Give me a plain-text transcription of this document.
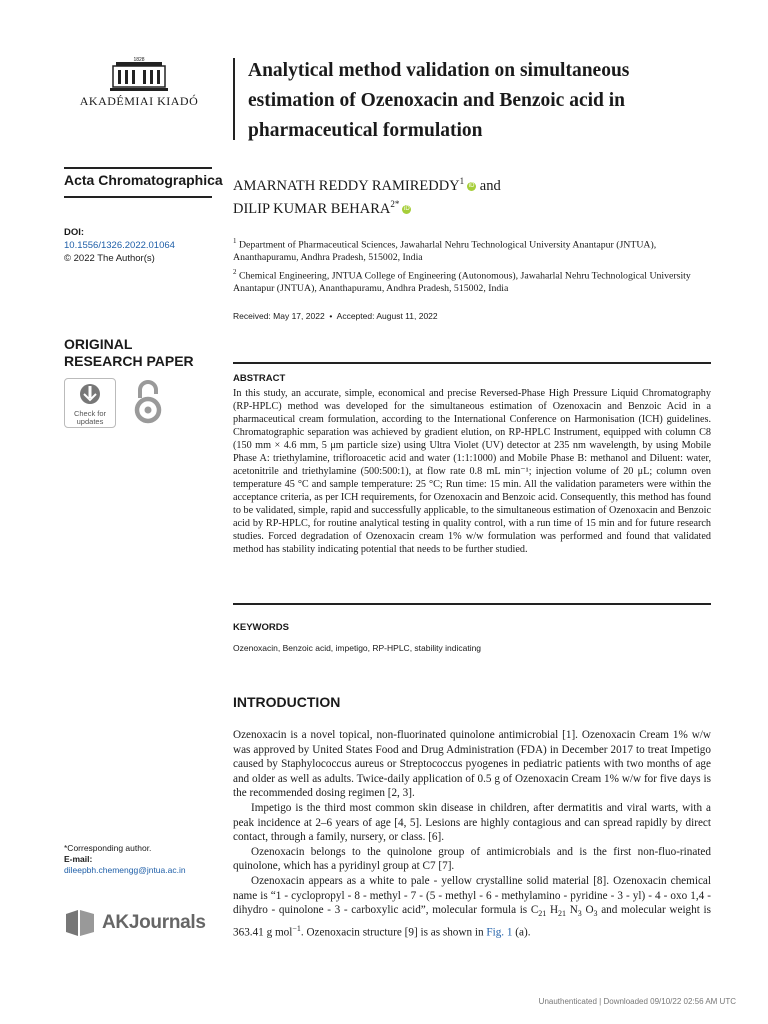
1828
AKADÉMIAI KIADÓ
Acta Chromatographica
DOI:
10.1556/1326.2022.01064
© 2022 The Author(s)
ORIGINAL RESEARCH PAPER
Check for
updates

*Corresponding author.
E-mail: dileepbh.chemengg@jntua.ac.in
AKJournals
Analytical method validation on simultaneous estimation of Ozenoxacin and Benzoic acid in pharmaceutical formulation
AMARNATH REDDY RAMIREDDY$^1$ iD and
DILIP KUMAR $BEHARA^{2*}$ iD
$^1$ Department of Pharmaceutical Sciences, Jawaharlal Nehru Technological University Anantapur (JNTUA), Ananthapuramu, Andhra Pradesh, 515002, India
$^2$ Chemical Engineering, JNTUA College of Engineering (Autonomous), Jawaharlal Nehru Technological University Anantapur (JNTUA), Ananthapuramu, Andhra Pradesh, 515002, India
Received: May 17, 2022 • Accepted: August 11, 2022
ABSTRACT
In this study, an accurate, simple, economical and precise Reversed-Phase High Pressure Liquid Chromatography (RP-HPLC) method was developed for the simultaneous estimation of Ozenoxacin and Benzoic Acid in a pharmaceutical cream formulation, according to the International Conference on Harmonisation (ICH) guidelines. Chromatographic separation was achieved by gradient elution, on RP-HPLC Instrument, equipped with column C8 (150 mm × 4.6 mm, 5 μm particle size) using Ultra Violet (UV) detector at 235 nm wavelength, by using Mobile Phase A: triethylamine, trifloroacetic acid and water (1:1:1000) and Mobile Phase B: methanol and Diluent: water, acetonitrile and triethylamine (500:500:1), at flow rate 0.8 mL min⁻¹; injection volume of 20 μL; column oven temperature 45 °C and sample temperature: 25 °C; Run time: 15 min. All the validation parameters were within the acceptance criteria, as per ICH requirements, for Ozenoxacin and Benzoic acid. Consequently, this method has found to be validated, simple, rapid and successfully applicable, to the simultaneous estimation of Ozenoxacin and Benzoic acid by RP-HPLC, for routine analytical testing in quality control, with a run time of 15 min and for future research studies. Forced degradation of Ozenoxacin cream 1% w/w formulation was performed and found that validated method has stability indicating potential that needs to be further studied.
KEYWORDS
Ozenoxacin, Benzoic acid, impetigo, RP-HPLC, stability indicating
INTRODUCTION

Ozenoxacin is a novel topical, non-fluorinated quinolone antimicrobial [1]. Ozenoxacin Cream 1% w/w was approved by United States Food and Drug Administration (FDA) in December 2017 to treat Impetigo caused by Staphylococcus aureus or Streptococcus pyogenes in pediatric patients with two months of age and older as well as adults. Twice-daily application of 0.5 g of Ozenoxacin Cream 1% w/w for five days is the recommended dosing regimen [2, 3].

Impetigo is the third most common skin disease in children, after dermatitis and viral warts, with a peak incidence at 2–6 years of age [4, 5]. Lesions are highly contagious and can spread rapidly by direct contact, through a family, nursery, or class. [6].

Ozenoxacin belongs to the quinolone group of antimicrobials and is the first non-fluo-rinated quinolone, which has a pyridinyl group at C7 [7].

Ozenoxacin appears as a white to pale - yellow crystalline solid material [8]. Ozenoxacin chemical name is “1 - cyclopropyl - 8 - methyl - 7 - (5 - methyl - 6 - methylamino - pyridine - 3 - yl) - 4 - oxo 1,4 - dihydro - quinolone - 3 - carboxylic acid”, molecular formula is $C_{21}$ $H_{21}$ $N_3$ $O_3$ and molecular weight is 363.41 g mol$^{-1}$. Ozenoxacin structure [9] is as shown in Fig. 1 (a).

Unauthenticated | Downloaded 09/10/22 02:56 AM UTC
